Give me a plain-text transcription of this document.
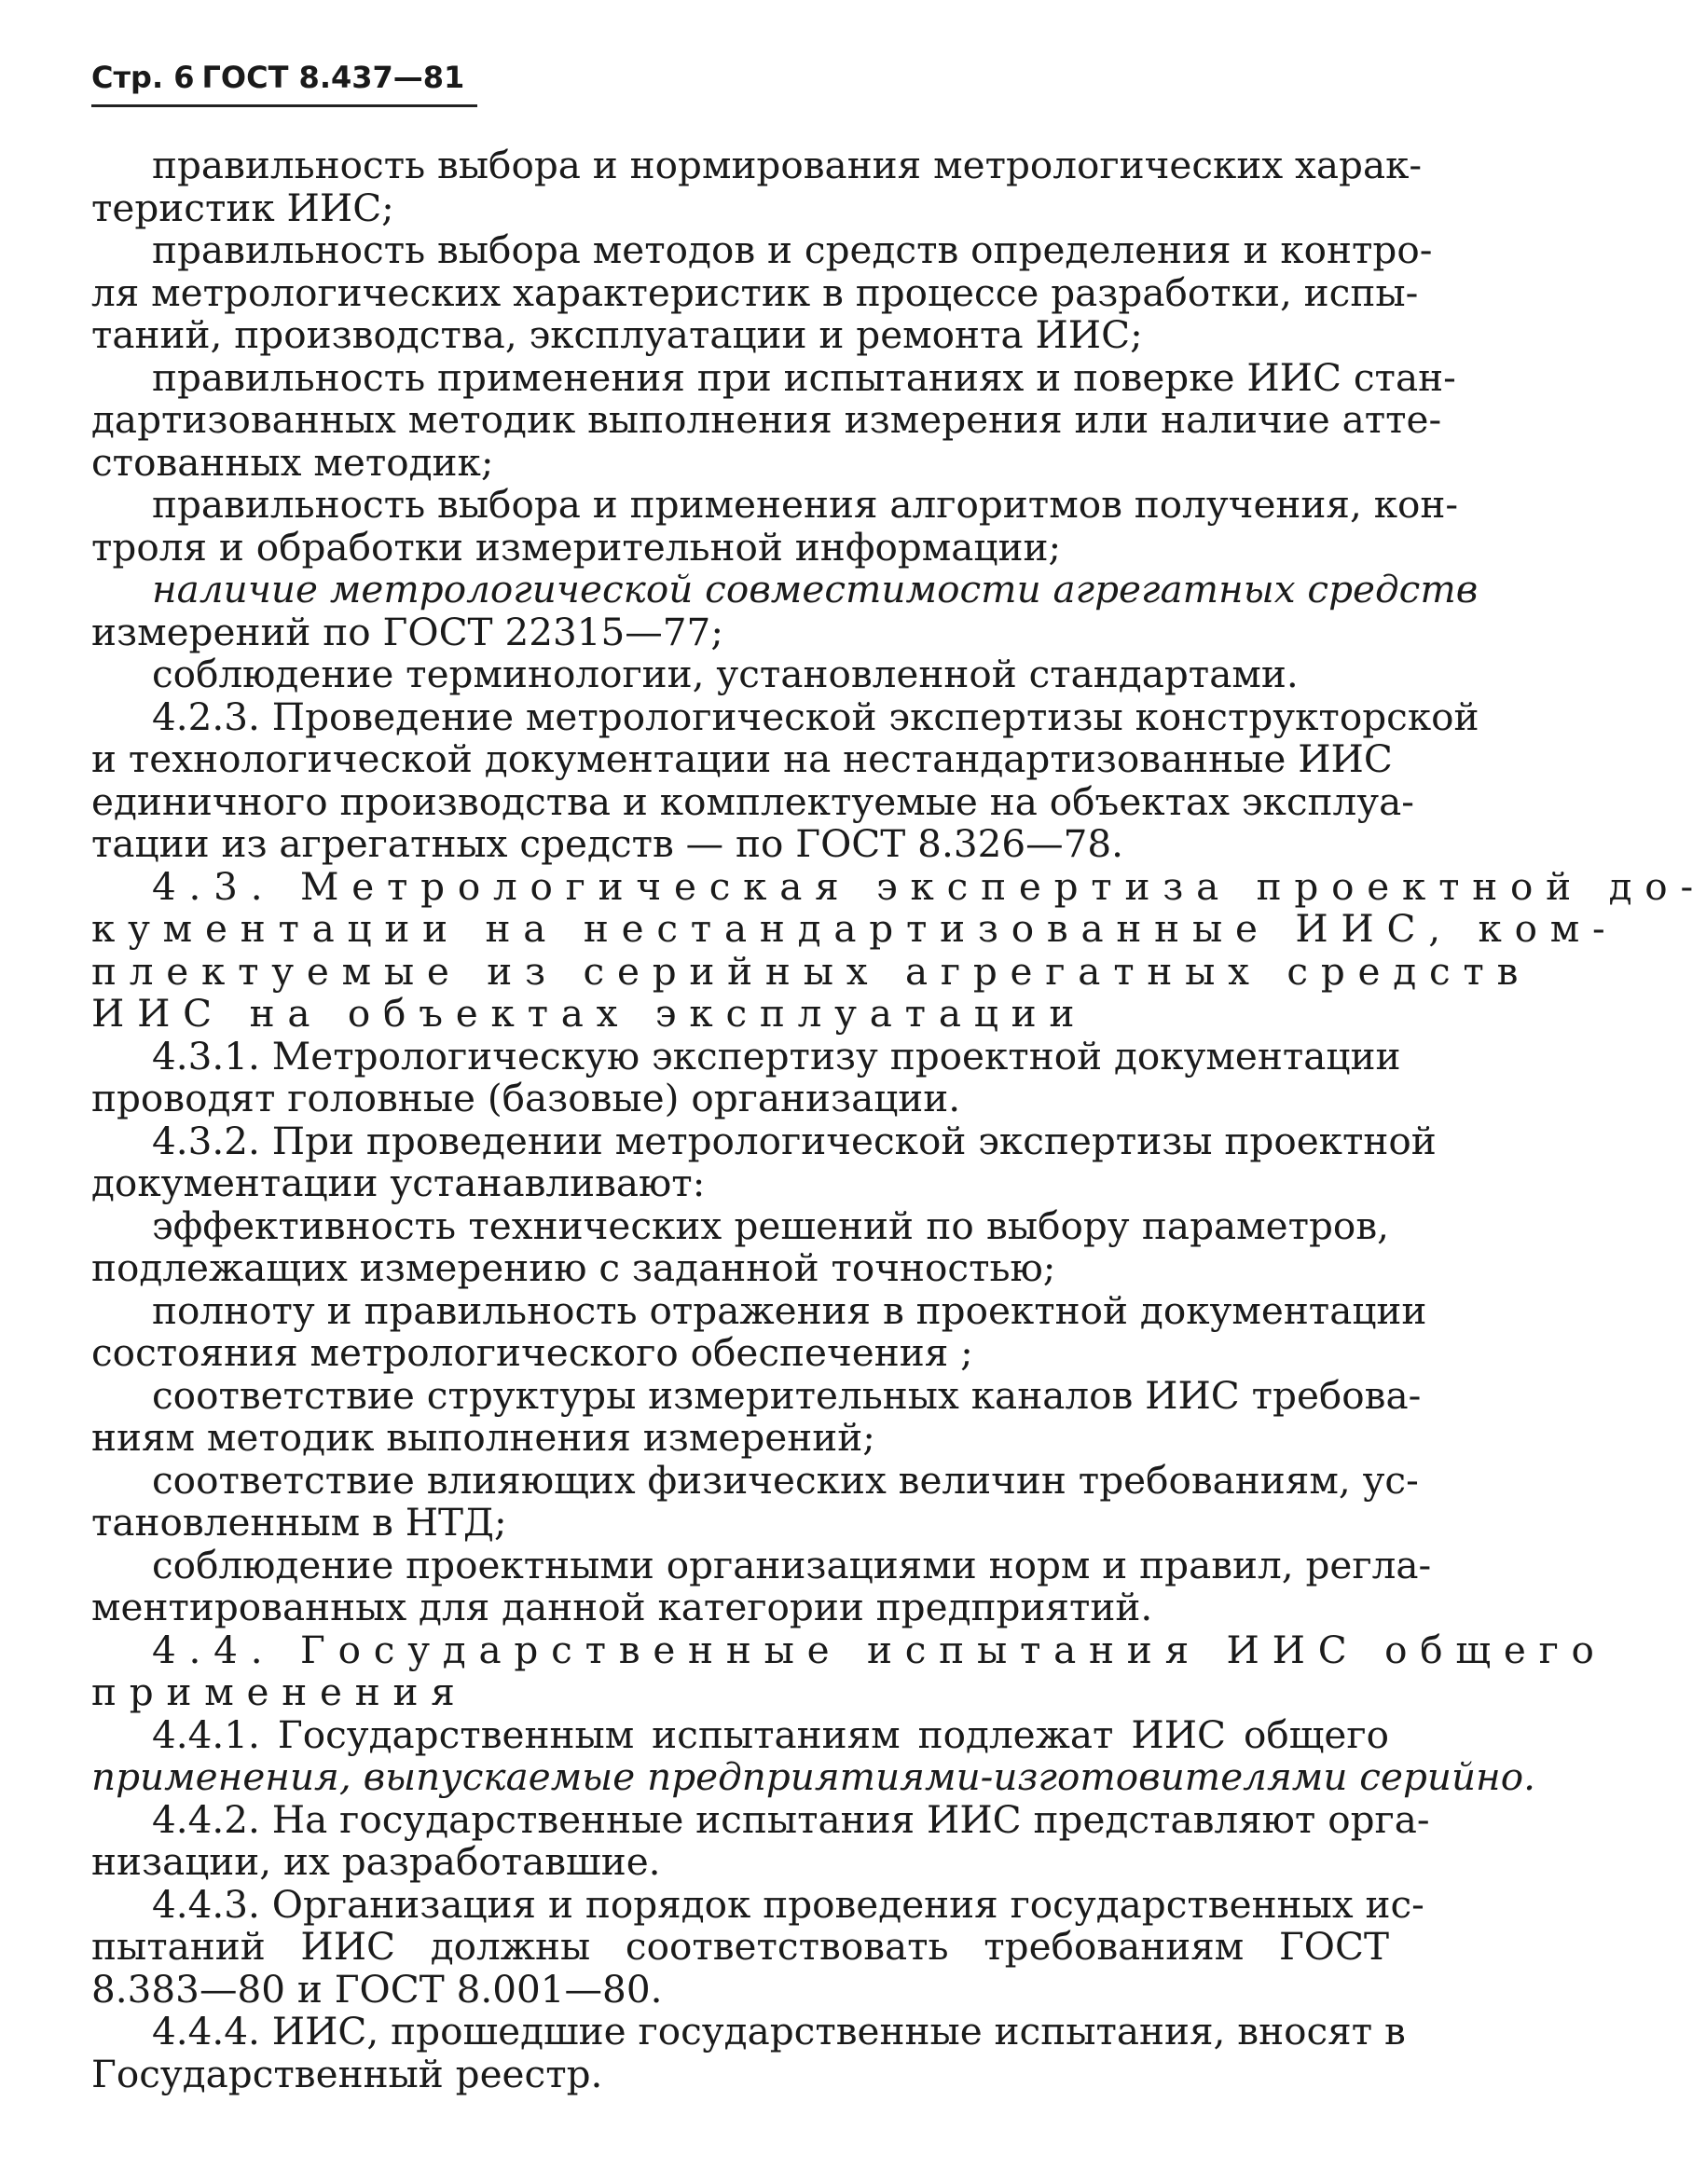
Стр. 6 ГОСТ 8.437—81
правильность выбора и нормирования метрологических харак-
теристик ИИС;
правильность выбора методов и средств определения и контро-
ля метрологических характеристик в процессе разработки, испы-
таний, производства, эксплуатации и ремонта ИИС;
правильность применения при испытаниях и поверке ИИС стан-
дартизованных методик выполнения измерения или наличие атте-
стованных методик;
правильность выбора и применения алгоритмов получения, кон-
троля и обработки измерительной информации;
наличие метрологической совместимости агрегатных средств
измерений по ГОСТ 22315—77;
соблюдение терминологии, установленной стандартами.
4.2.3. Проведение метрологической экспертизы конструкторской
и технологической документации на нестандартизованные ИИС
единичного производства и комплектуемые на объектах эксплуа-
тации из агрегатных средств — по ГОСТ 8.326—78.
4.3. Метрологическая экспертиза проектной до-
кументации на нестандартизованные ИИС, ком-
плектуемые из серийных агрегатных средств
ИИС на объектах эксплуатации
4.3.1. Метрологическую экспертизу проектной документации
проводят головные (базовые) организации.
4.3.2. При проведении метрологической экспертизы проектной
документации устанавливают:
эффективность технических решений по выбору параметров,
подлежащих измерению с заданной точностью;
полноту и правильность отражения в проектной документации
состояния метрологического обеспечения ;
соответствие структуры измерительных каналов ИИС требова-
ниям методик выполнения измерений;
соответствие влияющих физических величин требованиям, ус-
тановленным в НТД;
соблюдение проектными организациями норм и правил, регла-
ментированных для данной категории предприятий.
4.4. Государственные испытания ИИС общего
применения
4.4.1. Государственным испытаниям подлежат ИИС общего
применения, выпускаемые предприятиями-изготовителями серийно.
4.4.2. На государственные испытания ИИС представляют орга-
низации, их разработавшие.
4.4.3. Организация и порядок проведения государственных ис-
пытаний ИИС должны соответствовать требованиям ГОСТ
8.383—80 и ГОСТ 8.001—80.
4.4.4. ИИС, прошедшие государственные испытания, вносят в
Государственный реестр.
